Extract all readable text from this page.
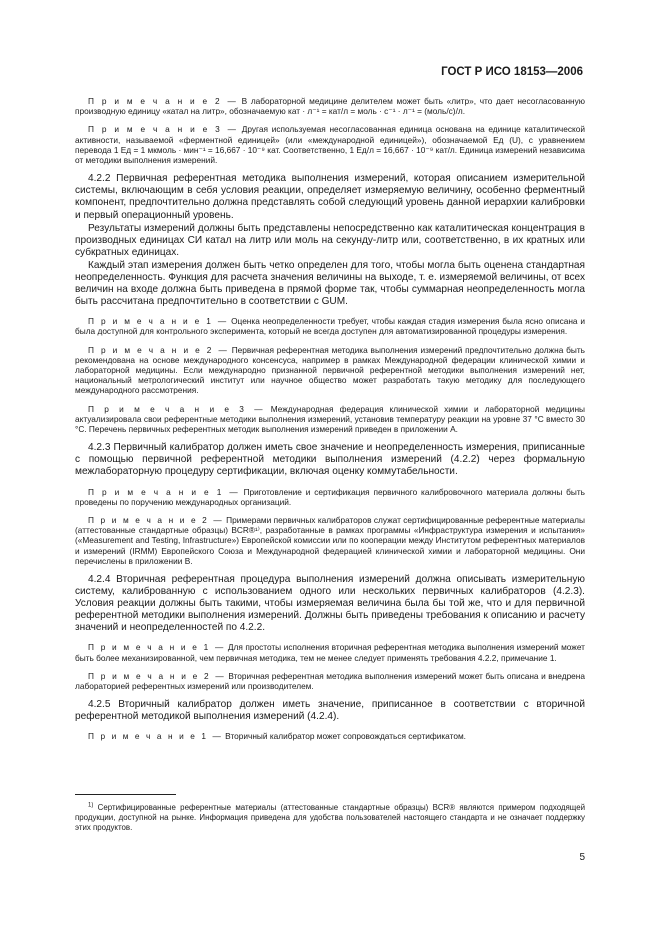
ГОСТ Р ИСО 18153—2006

П р и м е ч а н и е 2 — В лабораторной медицине делителем может быть «литр», что дает несогласованную производную единицу «катал на литр», обозначаемую кат · л⁻¹ = кат/л = моль · с⁻¹ · л⁻¹ = (моль/с)/л.

П р и м е ч а н и е 3 — Другая используемая несогласованная единица основана на единице каталитической активности, называемой «ферментной единицей» (или «международной единицей»), обозначаемой Ед (U), с уравнением перевода 1 Ед = 1 мкмоль · мин⁻¹ = 16,667 · 10⁻⁹ кат. Соответственно, 1 Ед/л = 16,667 · 10⁻⁹ кат/л. Единица измерений независима от методики выполнения измерений.

4.2.2 Первичная референтная методика выполнения измерений, которая описанием измерительной системы, включающим в себя условия реакции, определяет измеряемую величину, особенно ферментный компонент, предпочтительно должна представлять собой следующий уровень данной иерархии калибровки и первый операционный уровень.

Результаты измерений должны быть представлены непосредственно как каталитическая концентрация в производных единицах СИ катал на литр или моль на секунду-литр или, соответственно, в их кратных или субкратных единицах.

Каждый этап измерения должен быть четко определен для того, чтобы могла быть оценена стандартная неопределенность. Функция для расчета значения величины на выходе, т. е. измеряемой величины, от всех величин на входе должна быть приведена в прямой форме так, чтобы суммарная неопределенность могла быть рассчитана предпочтительно в соответствии с GUM.

П р и м е ч а н и е 1 — Оценка неопределенности требует, чтобы каждая стадия измерения была ясно описана и была доступной для контрольного эксперимента, который не всегда доступен для автоматизированной процедуры измерения.

П р и м е ч а н и е 2 — Первичная референтная методика выполнения измерений предпочтительно должна быть рекомендована на основе международного консенсуса, например в рамках Международной федерации клинической химии и лабораторной медицины. Если международно признанной первичной референтной методики выполнения измерений нет, национальный метрологический институт или научное общество может разработать такую методику для последующего международного рассмотрения.

П р и м е ч а н и е 3 — Международная федерация клинической химии и лабораторной медицины актуализировала свои референтные методики выполнения измерений, установив температуру реакции на уровне 37 °С вместо 30 °С. Перечень первичных референтных методик выполнения измерений приведен в приложении А.

4.2.3 Первичный калибратор должен иметь свое значение и неопределенность измерения, приписанные с помощью первичной референтной методики выполнения измерений (4.2.2) через формальную межлабораторную процедуру сертификации, включая оценку коммутабельности.

П р и м е ч а н и е 1 — Приготовление и сертификация первичного калибровочного материала должны быть проведены по поручению международных организаций.

П р и м е ч а н и е 2 — Примерами первичных калибраторов служат сертифицированные референтные материалы (аттестованные стандартные образцы) BCR®¹⁾, разработанные в рамках программы «Инфраструктура измерения и испытания» («Measurement and Testing, Infrastructure») Европейской комиссии или по кооперации между Институтом референтных материалов и измерений (IRMM) Европейского Союза и Международной федерацией клинической химии и лабораторной медицины. Они перечислены в приложении В.

4.2.4 Вторичная референтная процедура выполнения измерений должна описывать измерительную систему, калиброванную с использованием одного или нескольких первичных калибраторов (4.2.3). Условия реакции должны быть такими, чтобы измеряемая величина была бы той же, что и для первичной референтной методики выполнения измерений. Должны быть приведены требования к описанию и расчету значений и неопределенностей по 4.2.2.

П р и м е ч а н и е 1 — Для простоты исполнения вторичная референтная методика выполнения измерений может быть более механизированной, чем первичная методика, тем не менее следует применять требования 4.2.2, примечание 1.

П р и м е ч а н и е 2 — Вторичная референтная методика выполнения измерений может быть описана и внедрена лабораторией референтных измерений или производителем.

4.2.5 Вторичный калибратор должен иметь значение, приписанное в соответствии с вторичной референтной методикой выполнения измерений (4.2.4).

П р и м е ч а н и е 1 — Вторичный калибратор может сопровождаться сертификатом.

$^{1)}$ Сертифицированные референтные материалы (аттестованные стандартные образцы) BCR® являются примером подходящей продукции, доступной на рынке. Информация приведена для удобства пользователей настоящего стандарта и не означает поддержку этих продуктов.
5
